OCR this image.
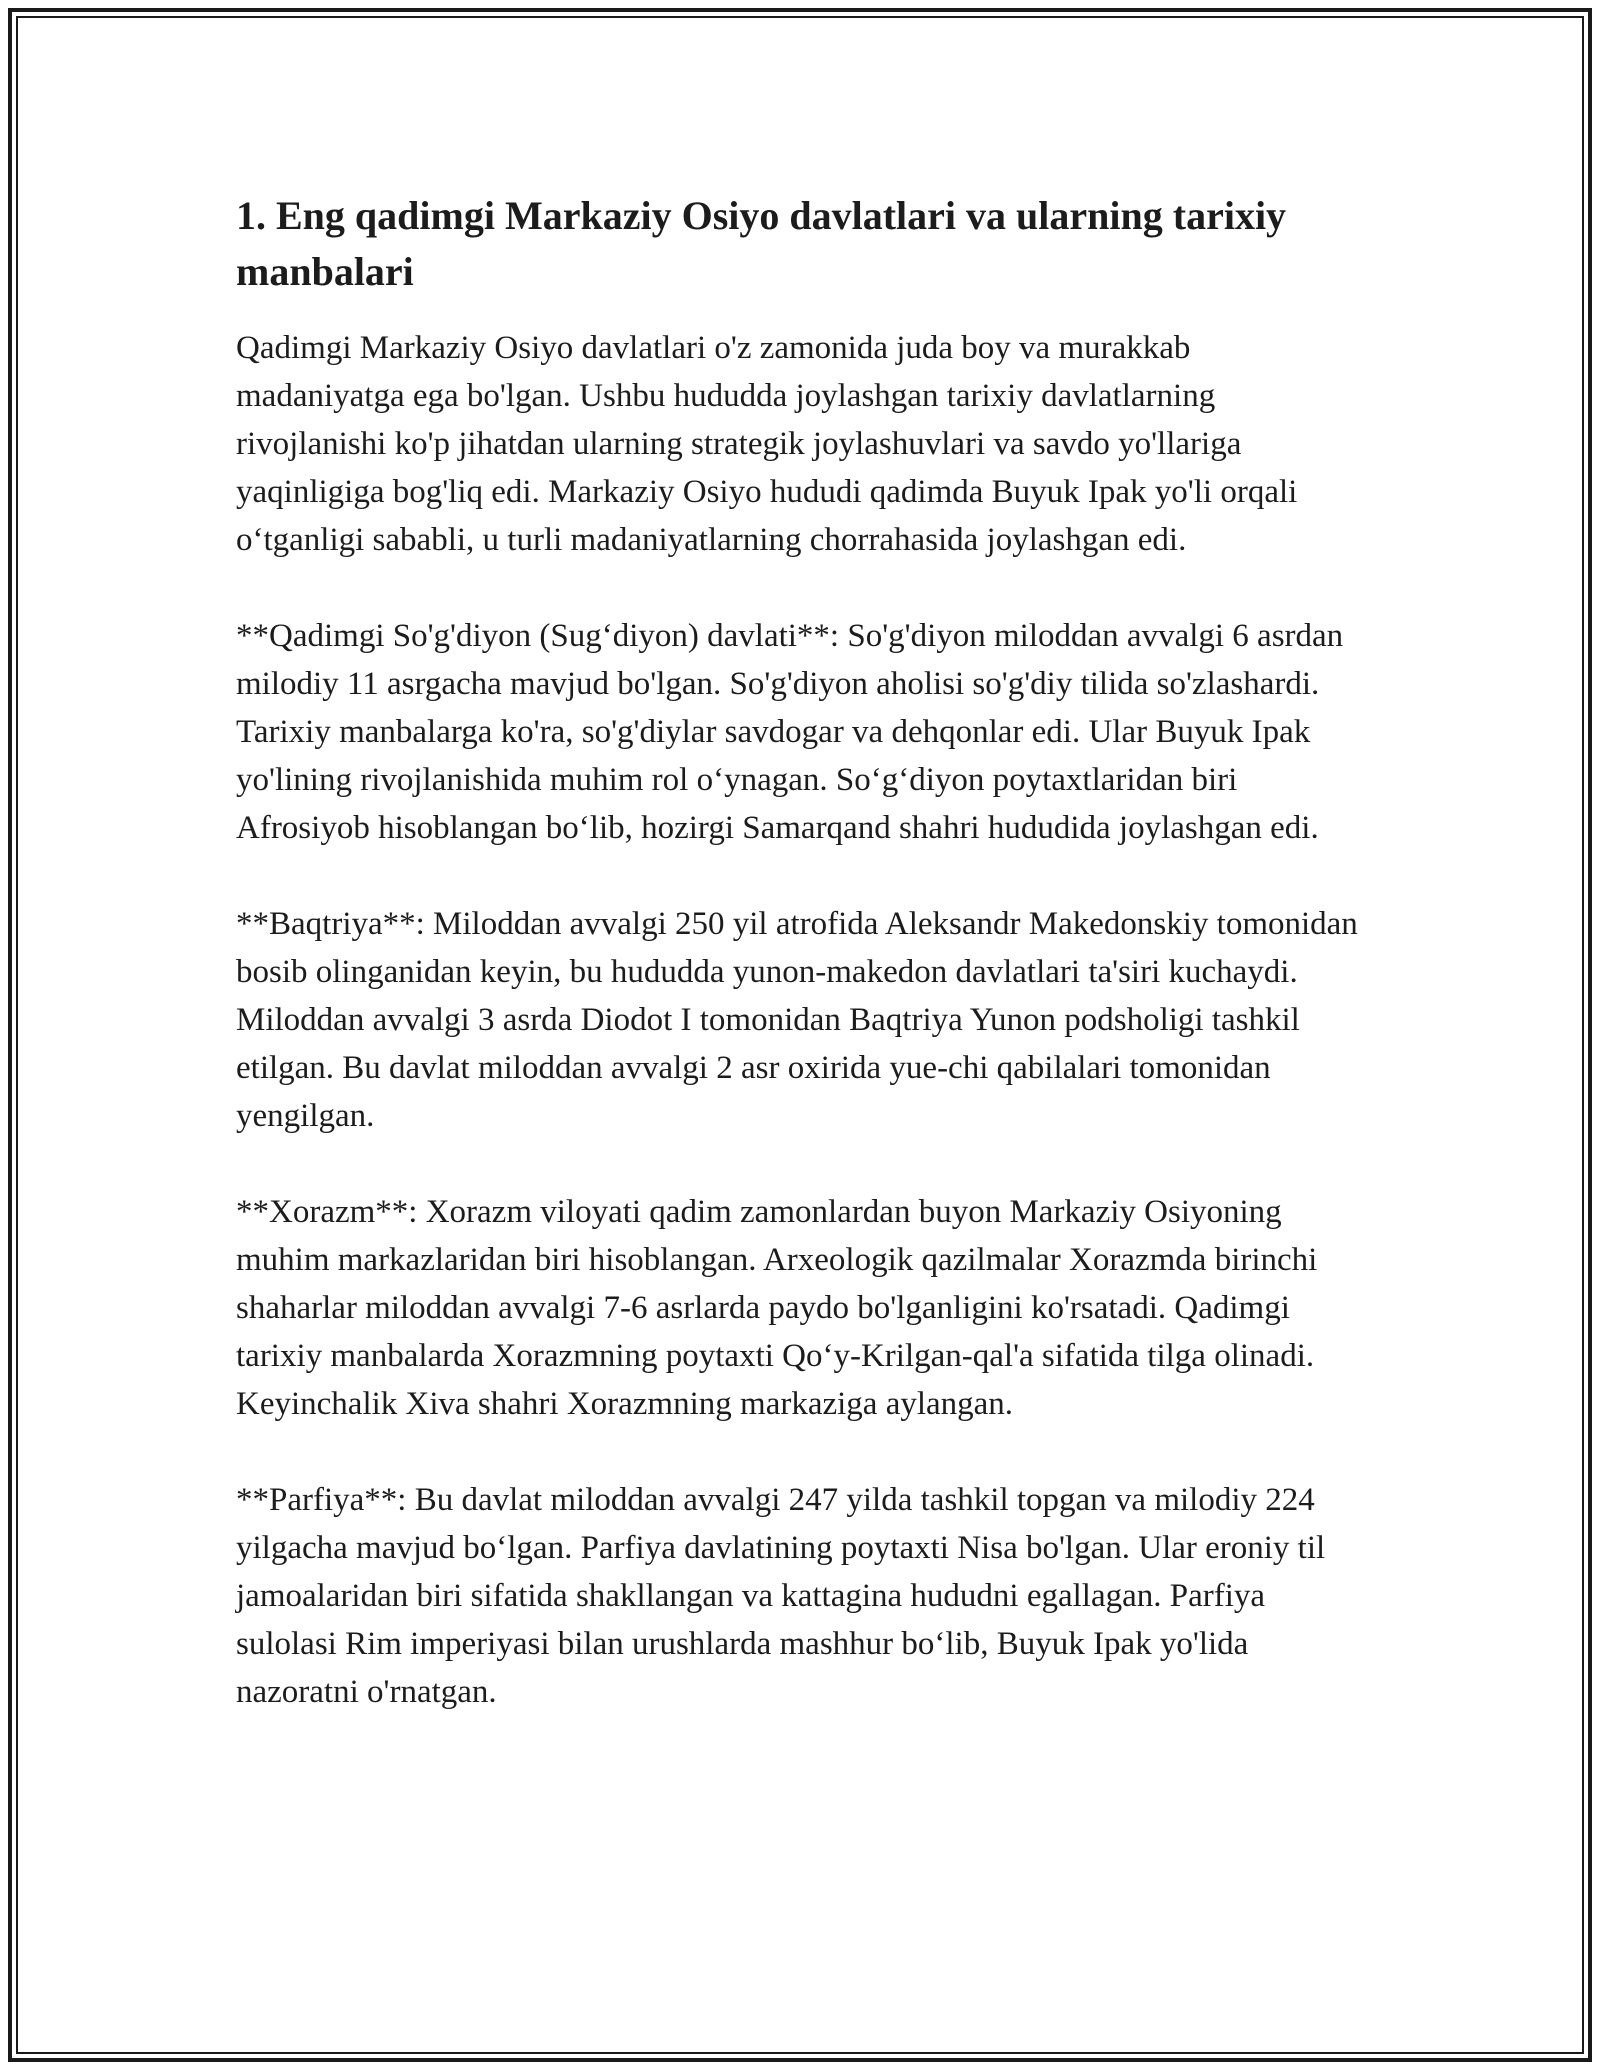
1. Eng qadimgi Markaziy Osiyo davlatlari va ularning tarixiy manbalari

Qadimgi Markaziy Osiyo davlatlari o'z zamonida juda boy va murakkab madaniyatga ega bo'lgan. Ushbu hududda joylashgan tarixiy davlatlarning rivojlanishi ko'p jihatdan ularning strategik joylashuvlari va savdo yo'llariga yaqinligiga bog'liq edi. Markaziy Osiyo hududi qadimda Buyuk Ipak yo'li orqali o‘tganligi sababli, u turli madaniyatlarning chorrahasida joylashgan edi.

**Qadimgi So'g'diyon (Sug‘diyon) davlati**: So'g'diyon miloddan avvalgi 6 asrdan milodiy 11 asrgacha mavjud bo'lgan. So'g'diyon aholisi so'g'diy tilida so'zlashardi. Tarixiy manbalarga ko'ra, so'g'diylar savdogar va dehqonlar edi. Ular Buyuk Ipak yo'lining rivojlanishida muhim rol o‘ynagan. So‘g‘diyon poytaxtlaridan biri Afrosiyob hisoblangan bo‘lib, hozirgi Samarqand shahri hududida joylashgan edi.

**Baqtriya**: Miloddan avvalgi 250 yil atrofida Aleksandr Makedonskiy tomonidan bosib olinganidan keyin, bu hududda yunon-makedon davlatlari ta'siri kuchaydi. Miloddan avvalgi 3 asrda Diodot I tomonidan Baqtriya Yunon podsholigi tashkil etilgan. Bu davlat miloddan avvalgi 2 asr oxirida yue-chi qabilalari tomonidan yengilgan.

**Xorazm**: Xorazm viloyati qadim zamonlardan buyon Markaziy Osiyoning muhim markazlaridan biri hisoblangan. Arxeologik qazilmalar Xorazmda birinchi shaharlar miloddan avvalgi 7-6 asrlarda paydo bo'lganligini ko'rsatadi. Qadimgi tarixiy manbalarda Xorazmning poytaxti Qo‘y-Krilgan-qal'a sifatida tilga olinadi. Keyinchalik Xiva shahri Xorazmning markaziga aylangan.

**Parfiya**: Bu davlat miloddan avvalgi 247 yilda tashkil topgan va milodiy 224 yilgacha mavjud bo‘lgan. Parfiya davlatining poytaxti Nisa bo'lgan. Ular eroniy til jamoalaridan biri sifatida shakllangan va kattagina hududni egallagan. Parfiya sulolasi Rim imperiyasi bilan urushlarda mashhur bo‘lib, Buyuk Ipak yo'lida nazoratni o'rnatgan.
